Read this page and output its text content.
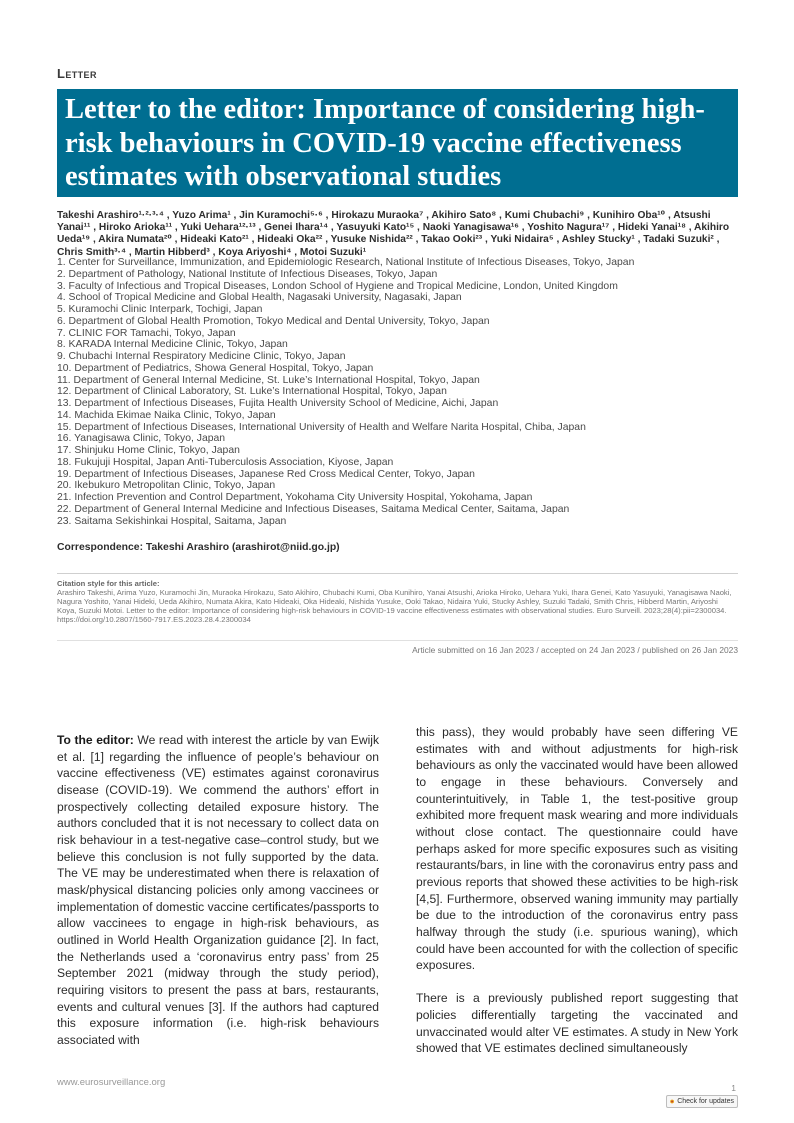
Letter
Letter to the editor: Importance of considering high-risk behaviours in COVID-19 vaccine effectiveness estimates with observational studies

Takeshi Arashiro¹·²·³·⁴ , Yuzo Arima¹ , Jin Kuramochi⁵·⁶ , Hirokazu Muraoka⁷ , Akihiro Sato⁸ , Kumi Chubachi⁹ , Kunihiro Oba¹⁰ , Atsushi Yanai¹¹ , Hiroko Arioka¹¹ , Yuki Uehara¹²·¹³ , Genei Ihara¹⁴ , Yasuyuki Kato¹⁵ , Naoki Yanagisawa¹⁶ , Yoshito Nagura¹⁷ , Hideki Yanai¹⁸ , Akihiro Ueda¹⁹ , Akira Numata²⁰ , Hideaki Kato²¹ , Hideaki Oka²² , Yusuke Nishida²² , Takao Ooki²³ , Yuki Nidaira⁵ , Ashley Stucky¹ , Tadaki Suzuki² , Chris Smith³·⁴ , Martin Hibberd³ , Koya Ariyoshi⁴ , Motoi Suzuki¹

1. Center for Surveillance, Immunization, and Epidemiologic Research, National Institute of Infectious Diseases, Tokyo, Japan
2. Department of Pathology, National Institute of Infectious Diseases, Tokyo, Japan
3. Faculty of Infectious and Tropical Diseases, London School of Hygiene and Tropical Medicine, London, United Kingdom
4. School of Tropical Medicine and Global Health, Nagasaki University, Nagasaki, Japan
5. Kuramochi Clinic Interpark, Tochigi, Japan
6. Department of Global Health Promotion, Tokyo Medical and Dental University, Tokyo, Japan
7. CLINIC FOR Tamachi, Tokyo, Japan
8. KARADA Internal Medicine Clinic, Tokyo, Japan
9. Chubachi Internal Respiratory Medicine Clinic, Tokyo, Japan
10. Department of Pediatrics, Showa General Hospital, Tokyo, Japan
11. Department of General Internal Medicine, St. Luke’s International Hospital, Tokyo, Japan
12. Department of Clinical Laboratory, St. Luke’s International Hospital, Tokyo, Japan
13. Department of Infectious Diseases, Fujita Health University School of Medicine, Aichi, Japan
14. Machida Ekimae Naika Clinic, Tokyo, Japan
15. Department of Infectious Diseases, International University of Health and Welfare Narita Hospital, Chiba, Japan
16. Yanagisawa Clinic, Tokyo, Japan
17. Shinjuku Home Clinic, Tokyo, Japan
18. Fukujuji Hospital, Japan Anti-Tuberculosis Association, Kiyose, Japan
19. Department of Infectious Diseases, Japanese Red Cross Medical Center, Tokyo, Japan
20. Ikebukuro Metropolitan Clinic, Tokyo, Japan
21. Infection Prevention and Control Department, Yokohama City University Hospital, Yokohama, Japan
22. Department of General Internal Medicine and Infectious Diseases, Saitama Medical Center, Saitama, Japan
23. Saitama Sekishinkai Hospital, Saitama, Japan

Correspondence: Takeshi Arashiro (arashirot@niid.go.jp)

Citation style for this article:

Arashiro Takeshi, Arima Yuzo, Kuramochi Jin, Muraoka Hirokazu, Sato Akihiro, Chubachi Kumi, Oba Kunihiro, Yanai Atsushi, Arioka Hiroko, Uehara Yuki, Ihara Genei, Kato Yasuyuki, Yanagisawa Naoki, Nagura Yoshito, Yanai Hideki, Ueda Akihiro, Numata Akira, Kato Hideaki, Oka Hideaki, Nishida Yusuke, Ooki Takao, Nidaira Yuki, Stucky Ashley, Suzuki Tadaki, Smith Chris, Hibberd Martin, Ariyoshi Koya, Suzuki Motoi. Letter to the editor: Importance of considering high-risk behaviours in COVID-19 vaccine effectiveness estimates with observational studies. Euro Surveill. 2023;28(4):pii=2300034. https://doi.org/10.2807/1560-7917.ES.2023.28.4.2300034

Article submitted on 16 Jan 2023 / accepted on 24 Jan 2023 / published on 26 Jan 2023

To the editor: We read with interest the article by van Ewijk et al. [1] regarding the influence of people’s behaviour on vaccine effectiveness (VE) estimates against coronavirus disease (COVID-19). We commend the authors’ effort in prospectively collecting detailed exposure history. The authors concluded that it is not necessary to collect data on risk behaviour in a test-negative case–control study, but we believe this conclusion is not fully supported by the data. The VE may be underestimated when there is relaxation of mask/physical distancing policies only among vaccinees or implementation of domestic vaccine certificates/passports to allow vaccinees to engage in high-risk behaviours, as outlined in World Health Organization guidance [2]. In fact, the Netherlands used a ‘coronavirus entry pass’ from 25 September 2021 (midway through the study period), requiring visitors to present the pass at bars, restaurants, events and cultural venues [3]. If the authors had captured this exposure information (i.e. high-risk behaviours associated with

this pass), they would probably have seen differing VE estimates with and without adjustments for high-risk behaviours as only the vaccinated would have been allowed to engage in these behaviours. Conversely and counterintuitively, in Table 1, the test-positive group exhibited more frequent mask wearing and more individuals without close contact. The questionnaire could have perhaps asked for more specific exposures such as visiting restaurants/bars, in line with the coronavirus entry pass and previous reports that showed these activities to be high-risk [4,5]. Furthermore, observed waning immunity may partially be due to the introduction of the coronavirus entry pass halfway through the study (i.e. spurious waning), which could have been accounted for with the collection of specific exposures.

There is a previously published report suggesting that policies differentially targeting the vaccinated and unvaccinated would alter VE estimates. A study in New York showed that VE estimates declined simultaneously

www.eurosurveillance.org	1

Check for updates
